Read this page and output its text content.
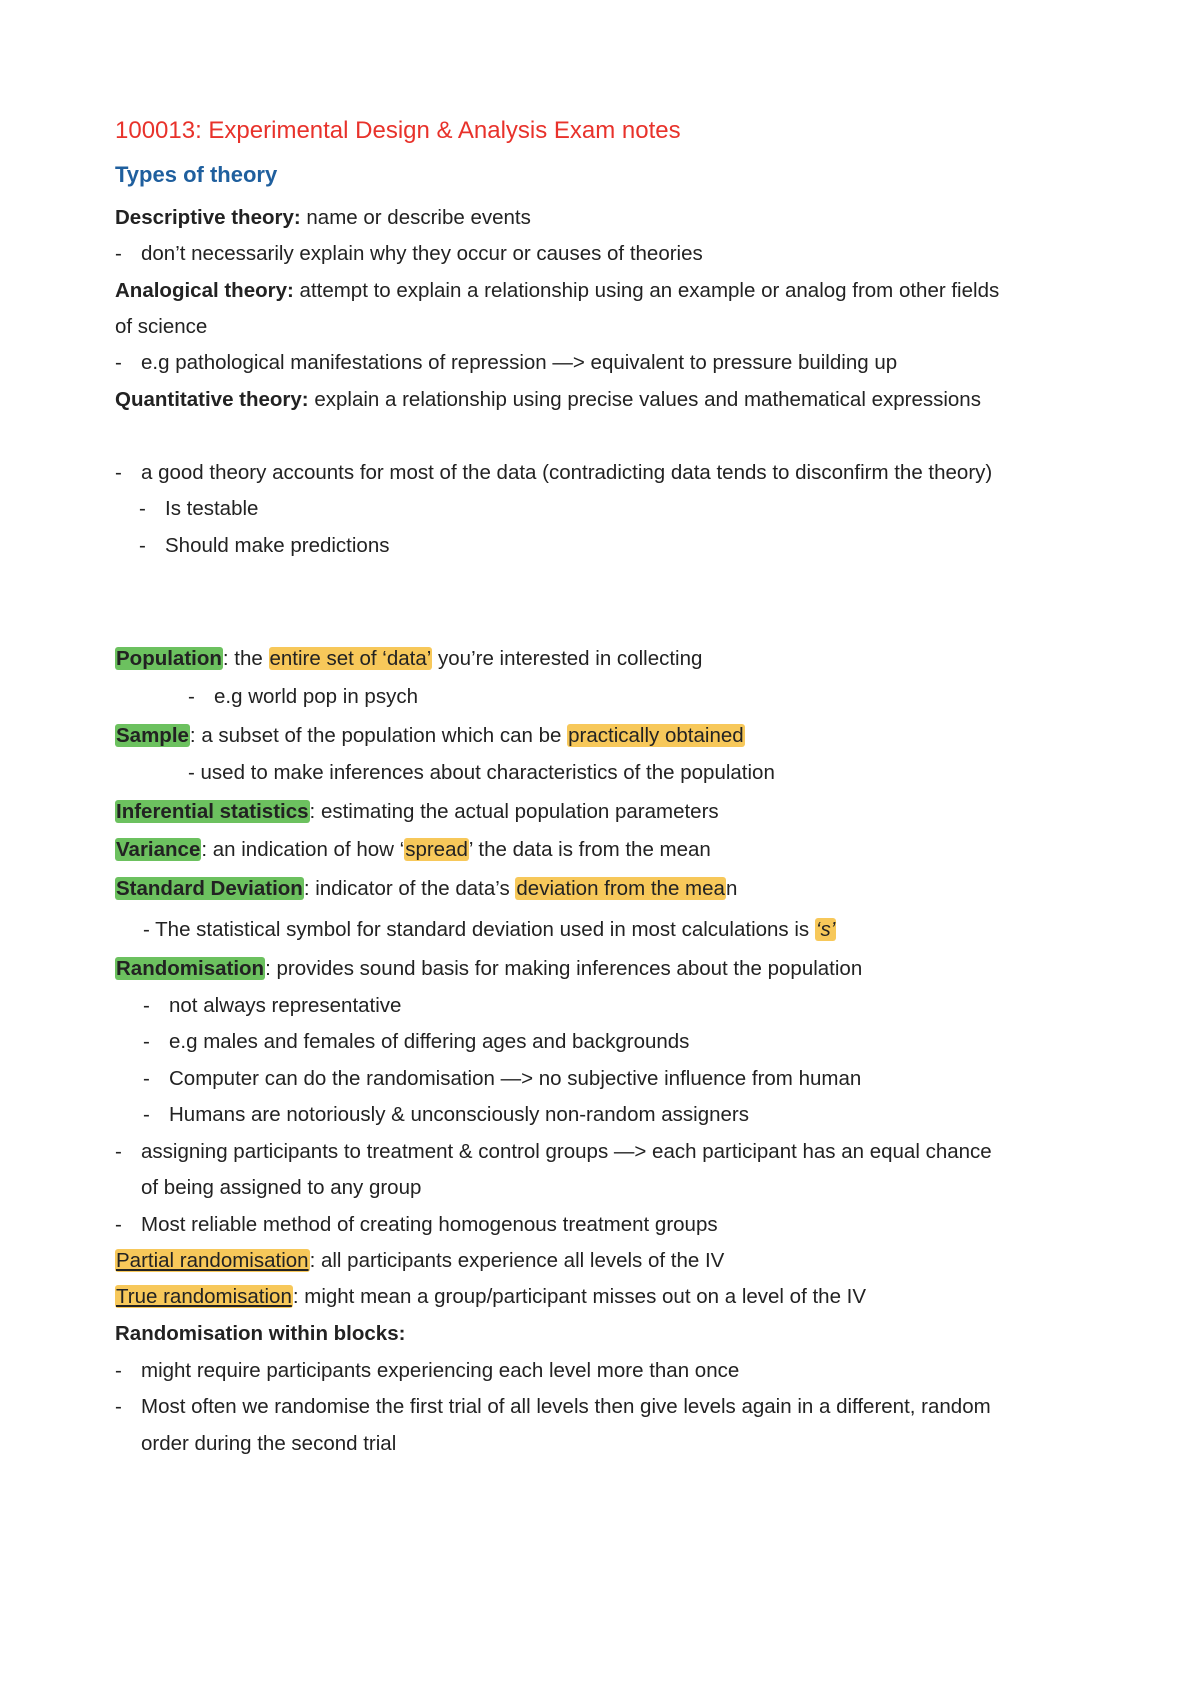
100013: Experimental Design & Analysis Exam notes
Types of theory
Descriptive theory: name or describe events
- don’t necessarily explain why they occur or causes of theories
Analogical theory: attempt to explain a relationship using an example or analog from other fields
of science
- e.g pathological manifestations of repression —> equivalent to pressure building up
Quantitative theory: explain a relationship using precise values and mathematical expressions
- a good theory accounts for most of the data (contradicting data tends to disconfirm the theory)
- Is testable
- Should make predictions
Population: the entire set of ‘data’ you’re interested in collecting
- e.g world pop in psych
Sample: a subset of the population which can be practically obtained
- used to make inferences about characteristics of the population
Inferential statistics: estimating the actual population parameters
Variance: an indication of how ‘spread’ the data is from the mean
Standard Deviation: indicator of the data’s deviation from the mean
- The statistical symbol for standard deviation used in most calculations is ‘s’
Randomisation: provides sound basis for making inferences about the population
- not always representative
- e.g males and females of differing ages and backgrounds
- Computer can do the randomisation —> no subjective influence from human
- Humans are notoriously & unconsciously non-random assigners
- assigning participants to treatment & control groups —> each participant has an equal chance
of being assigned to any group
- Most reliable method of creating homogenous treatment groups
Partial randomisation: all participants experience all levels of the IV
True randomisation: might mean a group/participant misses out on a level of the IV
Randomisation within blocks:
- might require participants experiencing each level more than once
- Most often we randomise the first trial of all levels then give levels again in a different, random
order during the second trial
